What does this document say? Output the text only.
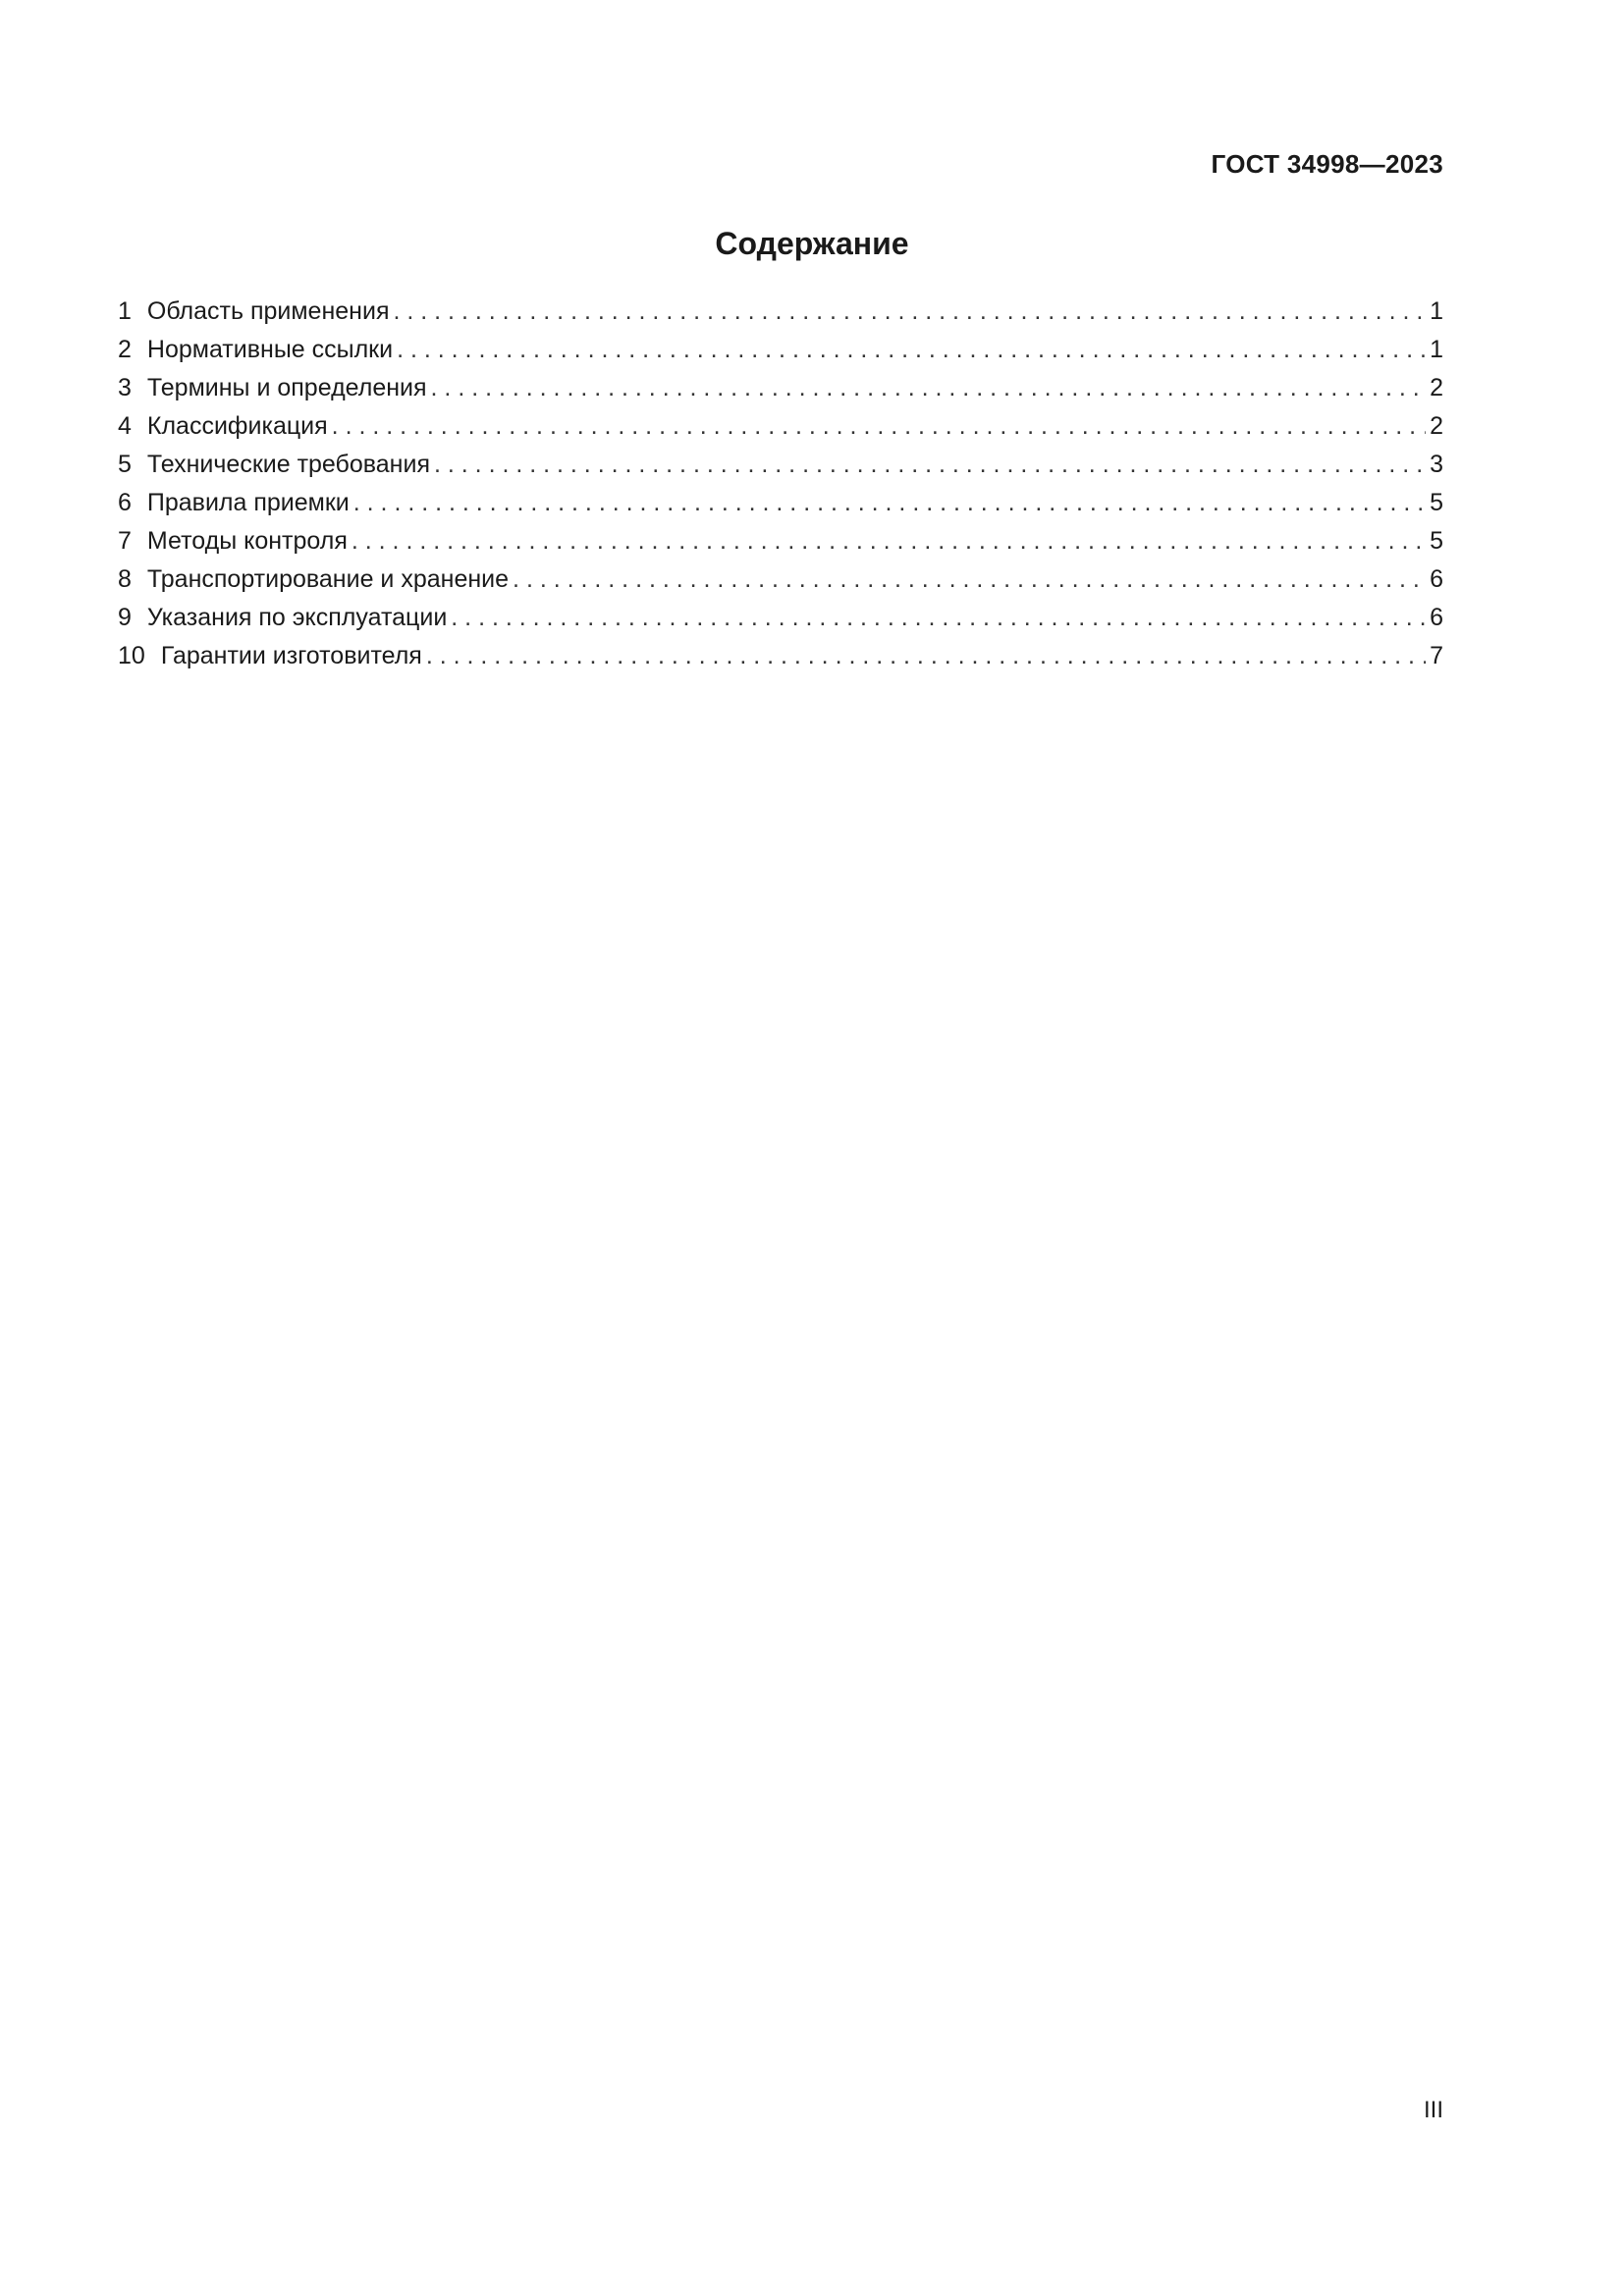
ГОСТ 34998—2023
Содержание
1 Область применения . . .	1
2 Нормативные ссылки . . .	1
3 Термины и определения . . .	2
4 Классификация . . .	2
5 Технические требования . . .	3
6 Правила приемки . . .	5
7 Методы контроля . . .	5
8 Транспортирование и хранение . . .	6
9 Указания по эксплуатации . . .	6
10 Гарантии изготовителя . . .	7
III
